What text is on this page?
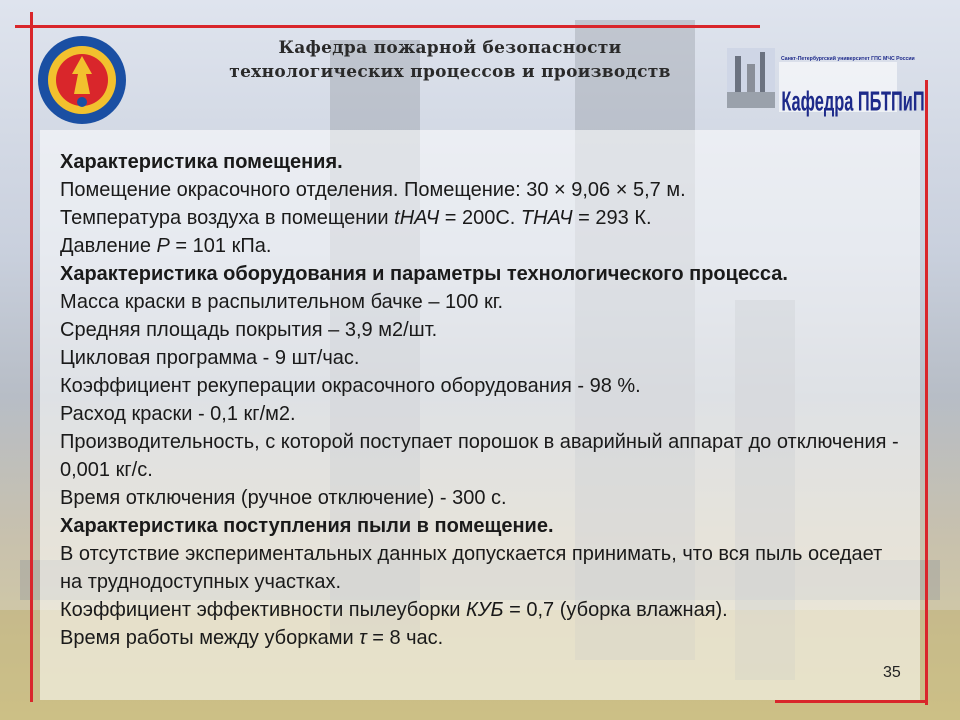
Кафедра пожарной безопасности
технологических процессов и производств
Санкт-Петербургский университет ГПС МЧС России
Кафедра ПБТПиП

Характеристика помещения.

Помещение окрасочного отделения. Помещение: 30 × 9,06 × 5,7 м.

Температура воздуха в помещении tНАЧ = 200С. ТНАЧ = 293 К.

Давление Р = 101 кПа.

Характеристика оборудования и параметры технологического процесса.

Масса краски в распылительном бачке – 100 кг.

Средняя площадь покрытия – 3,9 м2/шт.

Цикловая программа - 9 шт/час.

Коэффициент рекуперации окрасочного оборудования - 98 %.

Расход краски - 0,1 кг/м2.

Производительность, с которой поступает порошок в аварийный аппарат до отключения - 0,001 кг/с.

Время отключения (ручное отключение) - 300 с.

Характеристика поступления пыли в помещение.

В отсутствие экспериментальных данных допускается принимать, что вся пыль оседает на труднодоступных участках.

Коэффициент эффективности пылеуборки КУБ = 0,7 (уборка влажная).

Время работы между уборками τ = 8 час.

35
